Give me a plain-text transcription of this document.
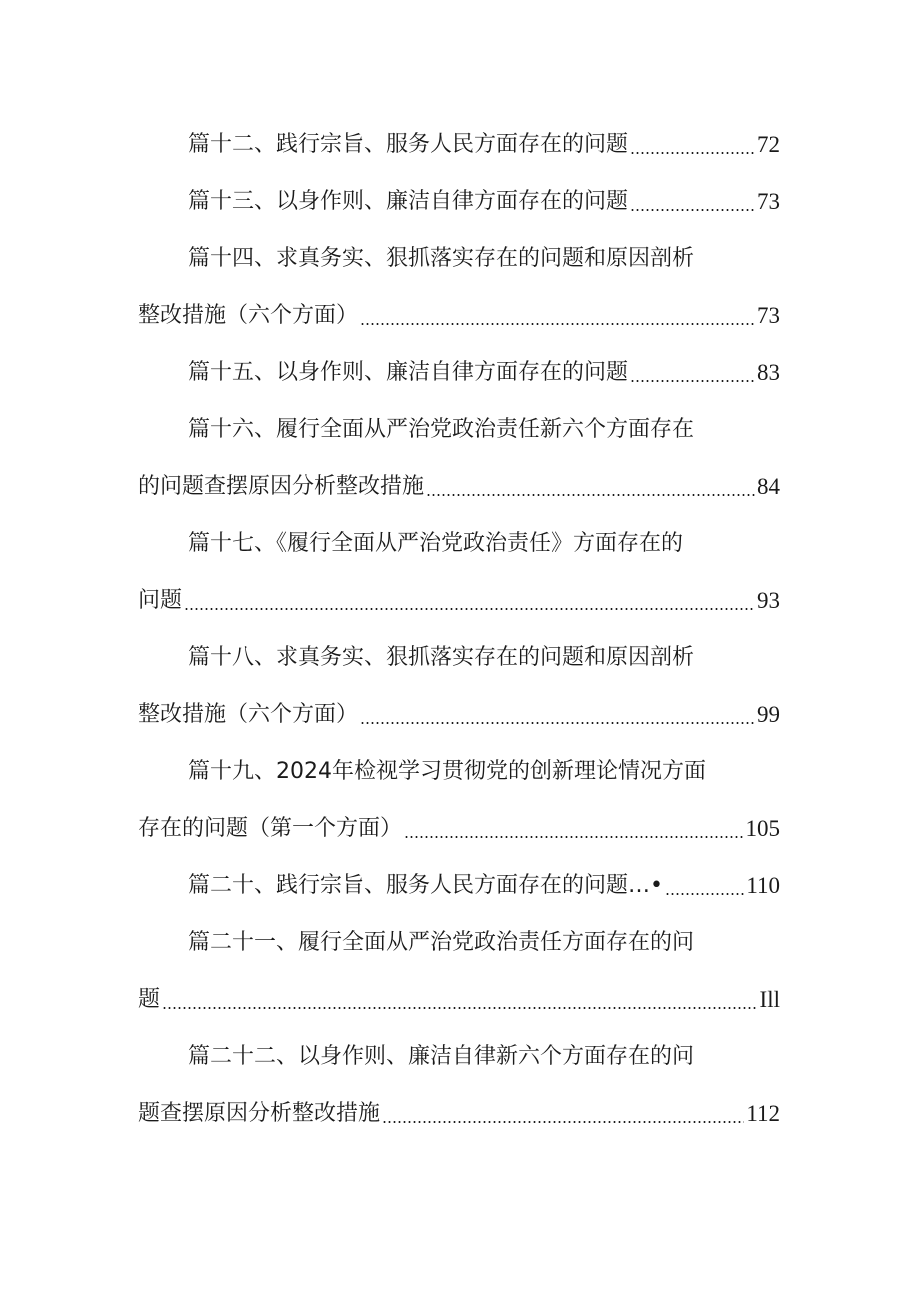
篇十二、践行宗旨、服务人民方面存在的问题	72
篇十三、以身作则、廉洁自律方面存在的问题	73
篇十四、求真务实、狠抓落实存在的问题和原因剖析
整改措施（六个方面）	73
篇十五、以身作则、廉洁自律方面存在的问题	83
篇十六、履行全面从严治党政治责任新六个方面存在
的问题查摆原因分析整改措施	84
篇十七、《履行全面从严治党政治责任》方面存在的
问题	93
篇十八、求真务实、狠抓落实存在的问题和原因剖析
整改措施（六个方面）	99
篇十九、2024年检视学习贯彻党的创新理论情况方面
存在的问题（第一个方面）	105
篇二十、践行宗旨、服务人民方面存在的问题…•	110
篇二十一、履行全面从严治党政治责任方面存在的问
题	Ill
篇二十二、以身作则、廉洁自律新六个方面存在的问
题查摆原因分析整改措施	112
